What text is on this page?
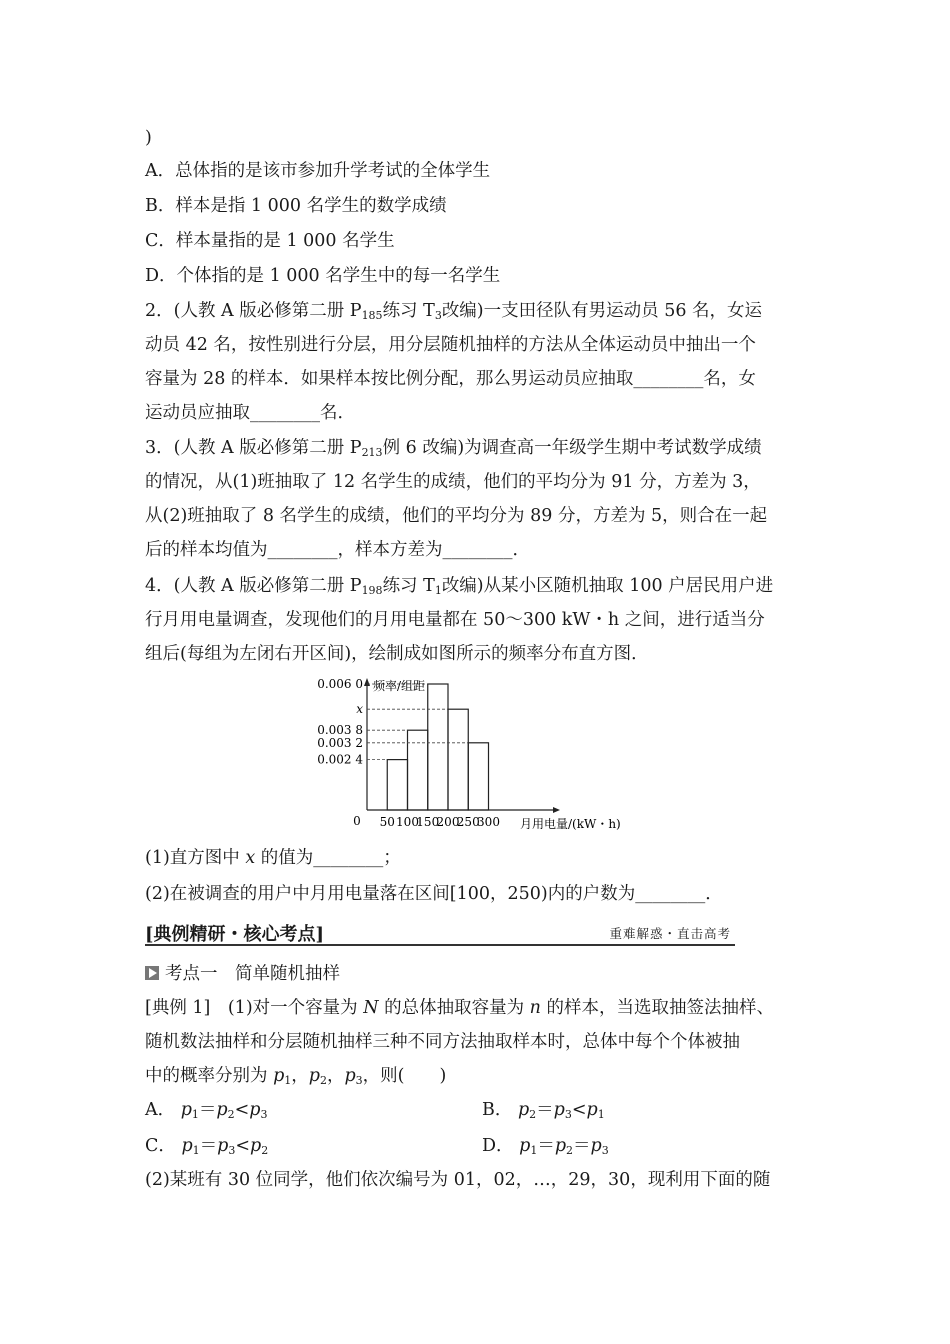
)
A．总体指的是该市参加升学考试的全体学生
B．样本是指 1 000 名学生的数学成绩
C．样本量指的是 1 000 名学生
D．个体指的是 1 000 名学生中的每一名学生
2．(人教 A 版必修第二册 $P_{185}$练习 $T_3$改编)一支田径队有男运动员 56 名，女运
动员 42 名，按性别进行分层，用分层随机抽样的方法从全体运动员中抽出一个
容量为 28 的样本．如果样本按比例分配，那么男运动员应抽取________名，女
运动员应抽取________名．
3．(人教 A 版必修第二册 $P_{213}$例 6 改编)为调查高一年级学生期中考试数学成绩
的情况，从(1)班抽取了 12 名学生的成绩，他们的平均分为 91 分，方差为 3，
从(2)班抽取了 8 名学生的成绩，他们的平均分为 89 分，方差为 5，则合在一起
后的样本均值为________，样本方差为________．
4．(人教 A 版必修第二册 $P_{198}$练习 $T_1$改编)从某小区随机抽取 100 户居民用户进
行月用电量调查，发现他们的月用电量都在 50～300 kW・h 之间，进行适当分
组后(每组为左闭右开区间)，绘制成如图所示的频率分布直方图．
0.006 0
x
0.003 8
0.003 2
0.002 4
50 100
150
200
250
300
0
频率/组距
月用电量/(kW・h)
(1)直方图中 x 的值为________；
(2)在被调查的用户中月用电量落在区间[100，250)内的户数为________．
[典例精研・核心考点]	重难解惑・直击高考
考点一　简单随机抽样
[典例 1]　(1)对一个容量为 N 的总体抽取容量为 n 的样本，当选取抽签法抽样、
随机数法抽样和分层随机抽样三种不同方法抽取样本时，总体中每个个体被抽
中的概率分别为 $p_1$，$p_2$，$p_3$，则(　　)
A． $p_1=p_2<p_3$	B． $p_2=p_3<p_1$
C． $p_1=p_3<p_2$	D． $p_1=p_2=p_3$
(2)某班有 30 位同学，他们依次编号为 01，02，…，29，30，现利用下面的随
